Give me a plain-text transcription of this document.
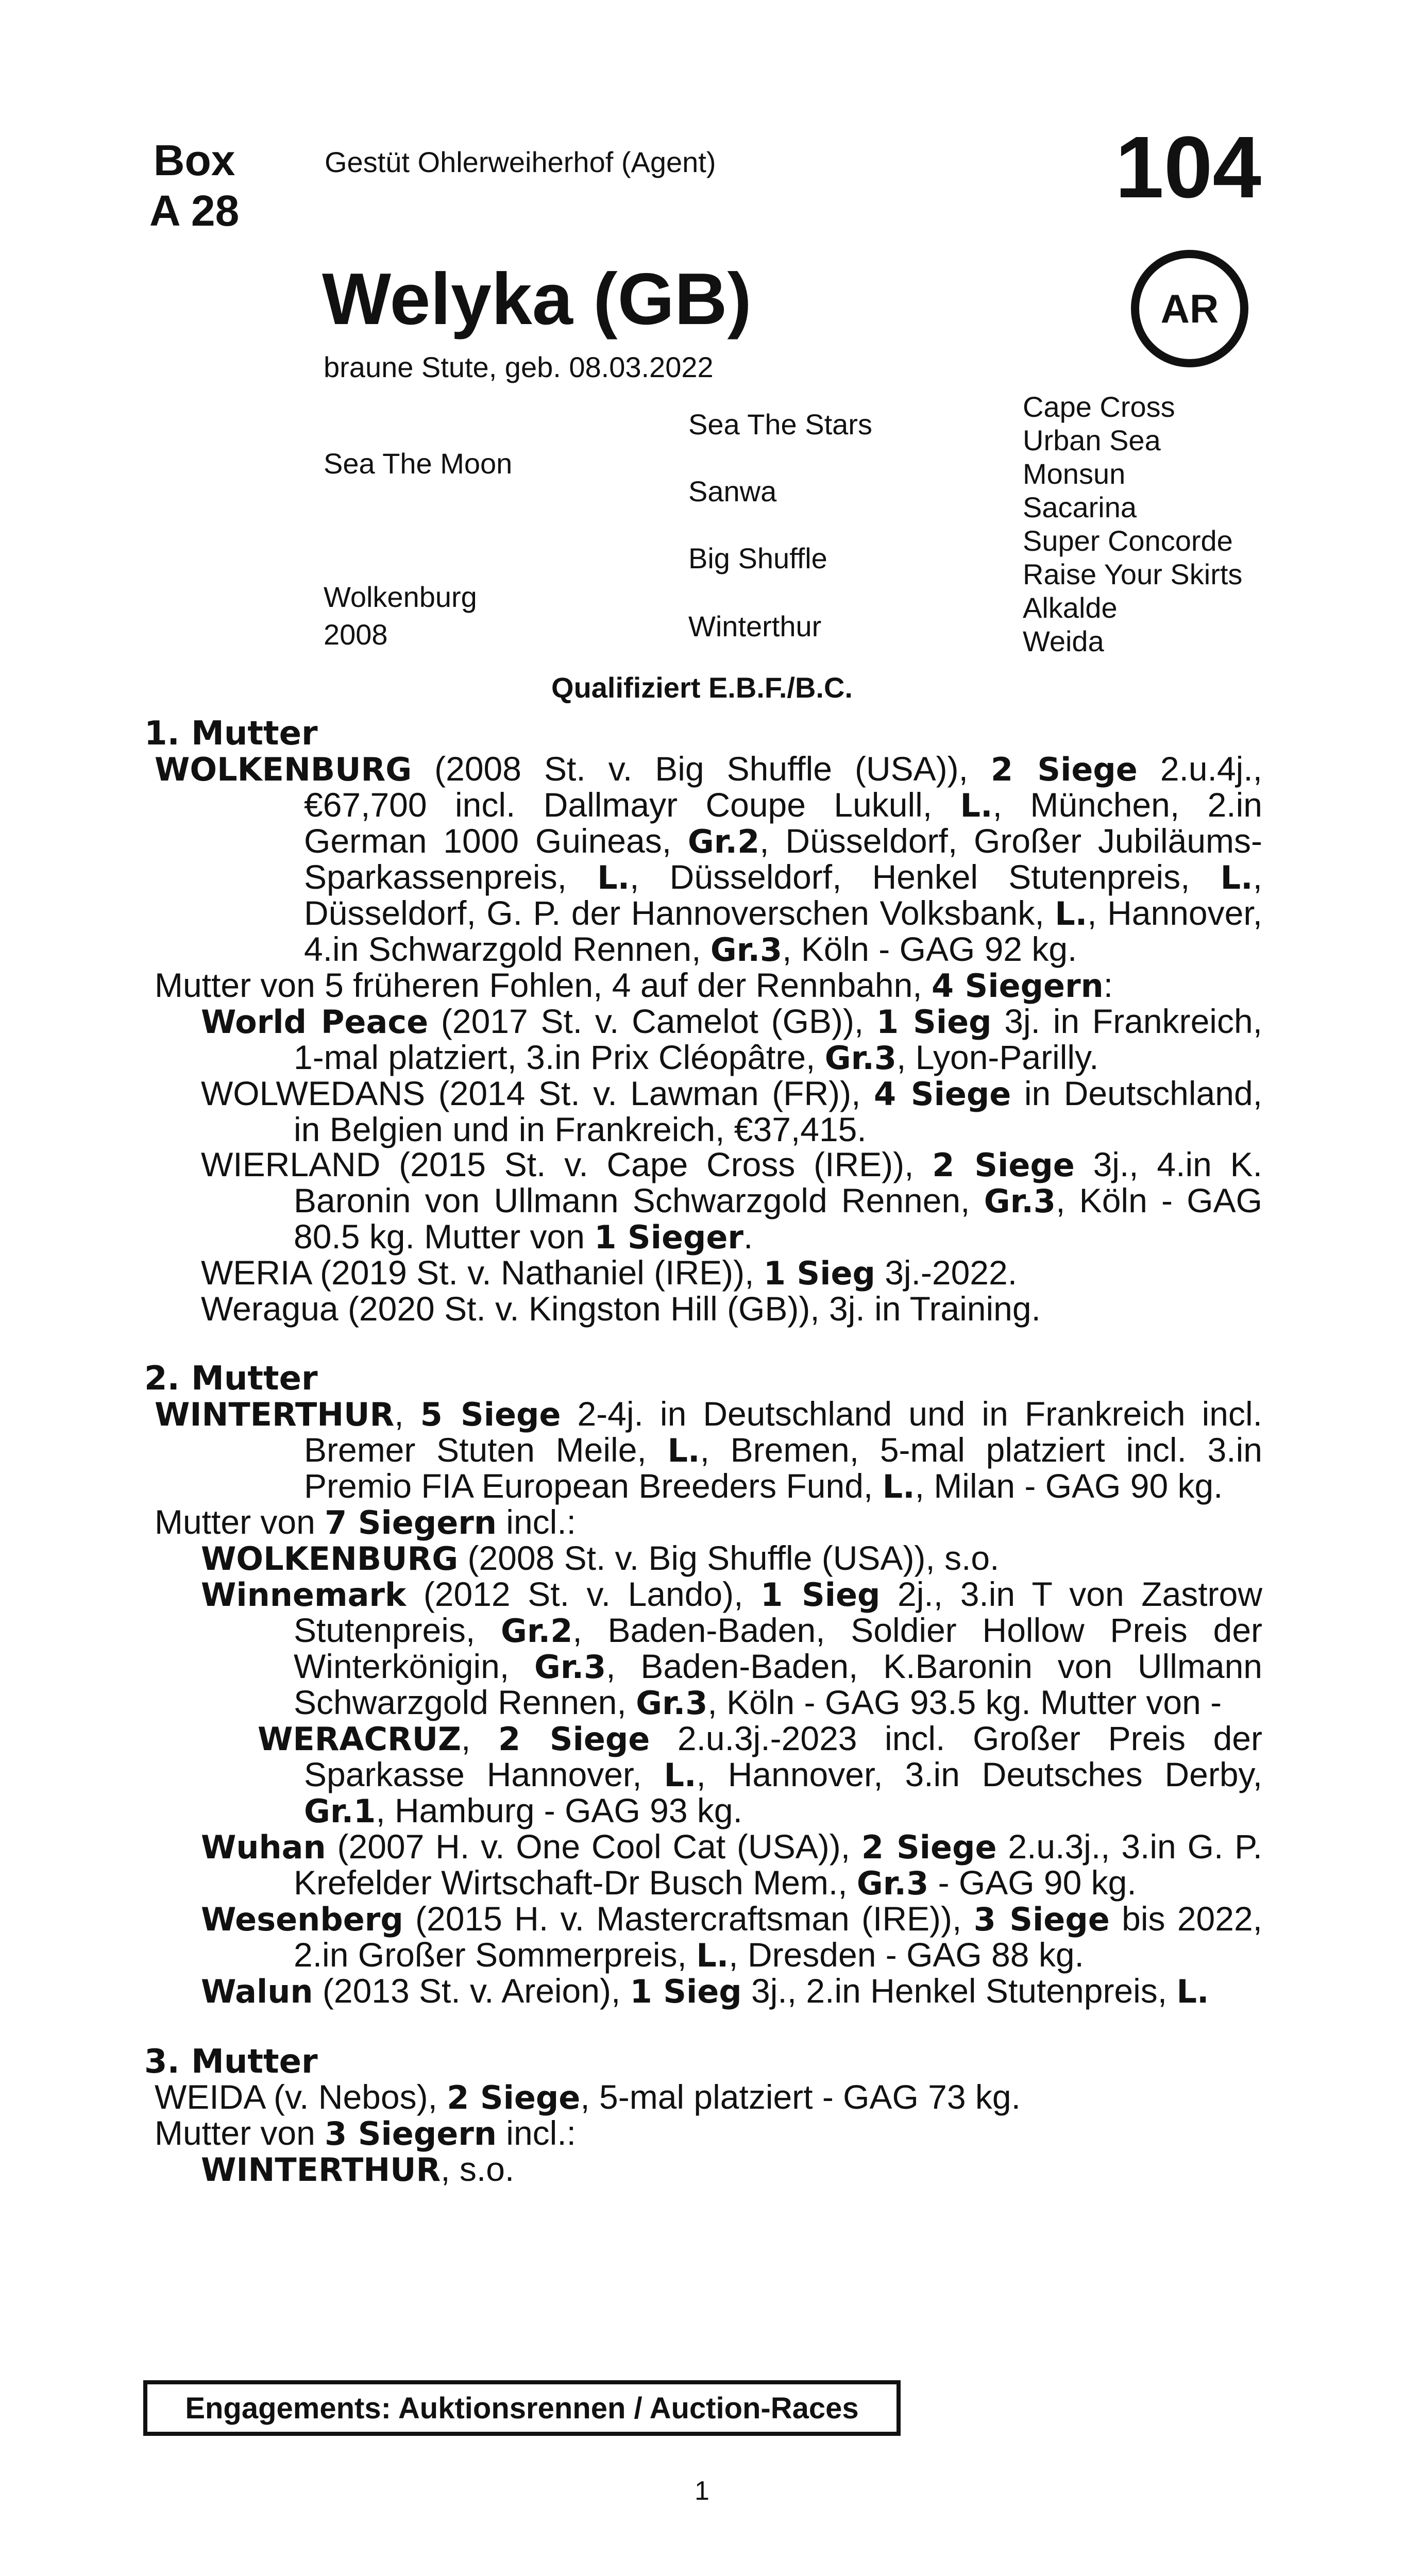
Box
A 28
Gestüt Ohlerweiherhof (Agent)	104
Welyka (GB)	AR
braune Stute, geb. 08.03.2022
Sea The Moon
Wolkenburg
2008
Sea The Stars
Sanwa
Big Shuffle
Winterthur
Cape Cross
Urban Sea
Monsun
Sacarina
Super Concorde
Raise Your Skirts
Alkalde
Weida
Qualifiziert E.B.F./B.C.
1. Mutter
WOLKENBURG (2008 St. v. Big Shuffle (USA)), 2 Siege 2.u.4j., €67,700 incl. Dallmayr Coupe Lukull, L., München, 2.in German 1000 Guineas, Gr.2, Düsseldorf, Großer Jubiläums-Sparkassenpreis, L., Düsseldorf, Henkel Stutenpreis, L., Düsseldorf, G. P. der Hannoverschen Volksbank, L., Hannover, 4.in Schwarzgold Rennen, Gr.3, Köln - GAG 92 kg.
Mutter von 5 früheren Fohlen, 4 auf der Rennbahn, 4 Siegern:
World Peace (2017 St. v. Camelot (GB)), 1 Sieg 3j. in Frankreich, 1-mal platziert, 3.in Prix Cléopâtre, Gr.3, Lyon-Parilly.
WOLWEDANS (2014 St. v. Lawman (FR)), 4 Siege in Deutschland, in Belgien und in Frankreich, €37,415.
WIERLAND (2015 St. v. Cape Cross (IRE)), 2 Siege 3j., 4.in K. Baronin von Ullmann Schwarzgold Rennen, Gr.3, Köln - GAG 80.5 kg. Mutter von 1 Sieger.
WERIA (2019 St. v. Nathaniel (IRE)), 1 Sieg 3j.-2022.
Weragua (2020 St. v. Kingston Hill (GB)), 3j. in Training.
2. Mutter
WINTERTHUR, 5 Siege 2-4j. in Deutschland und in Frankreich incl. Bremer Stuten Meile, L., Bremen, 5-mal platziert incl. 3.in Premio FIA European Breeders Fund, L., Milan - GAG 90 kg.
Mutter von 7 Siegern incl.:
WOLKENBURG (2008 St. v. Big Shuffle (USA)), s.o.
Winnemark (2012 St. v. Lando), 1 Sieg 2j., 3.in T von Zastrow Stutenpreis, Gr.2, Baden-Baden, Soldier Hollow Preis der Winterkönigin, Gr.3, Baden-Baden, K.Baronin von Ullmann Schwarzgold Rennen, Gr.3, Köln - GAG 93.5 kg. Mutter von -
WERACRUZ, 2 Siege 2.u.3j.-2023 incl. Großer Preis der Sparkasse Hannover, L., Hannover, 3.in Deutsches Derby, Gr.1, Hamburg - GAG 93 kg.
Wuhan (2007 H. v. One Cool Cat (USA)), 2 Siege 2.u.3j., 3.in G. P. Krefelder Wirtschaft-Dr Busch Mem., Gr.3 - GAG 90 kg.
Wesenberg (2015 H. v. Mastercraftsman (IRE)), 3 Siege bis 2022, 2.in Großer Sommerpreis, L., Dresden - GAG 88 kg.
Walun (2013 St. v. Areion), 1 Sieg 3j., 2.in Henkel Stutenpreis, L.
3. Mutter
WEIDA (v. Nebos), 2 Siege, 5-mal platziert - GAG 73 kg.
Mutter von 3 Siegern incl.:
WINTERTHUR, s.o.
Engagements: Auktionsrennen / Auction-Races
1
